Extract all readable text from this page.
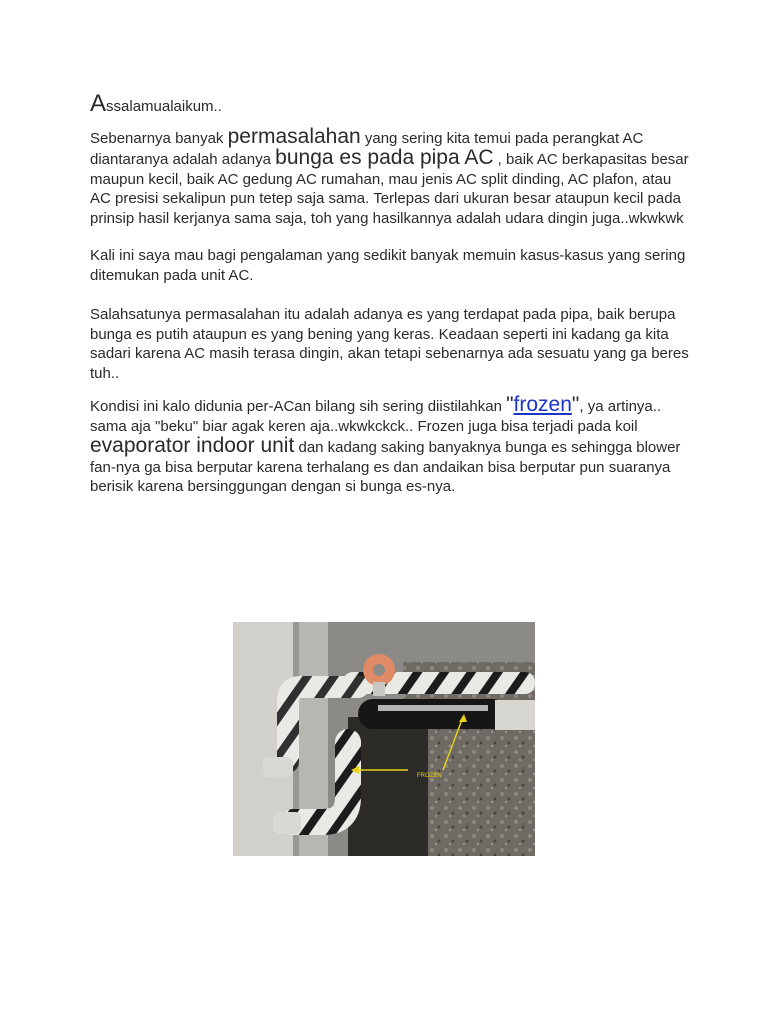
Assalamualaikum..

Sebenarnya banyak permasalahan yang sering kita temui pada perangkat AC diantaranya adalah adanya bunga es pada pipa AC , baik AC berkapasitas besar maupun kecil, baik AC gedung AC rumahan, mau jenis AC split dinding, AC plafon, atau AC presisi sekalipun pun tetep saja sama. Terlepas dari ukuran besar ataupun kecil pada prinsip hasil kerjanya sama saja, toh yang hasilkannya adalah udara dingin juga..wkwkwk

Kali ini saya mau bagi pengalaman yang sedikit banyak memuin kasus-kasus yang sering ditemukan pada unit AC.

Salahsatunya permasalahan itu adalah adanya es yang terdapat pada pipa, baik berupa bunga es putih ataupun es yang bening yang keras. Keadaan seperti ini kadang ga kita sadari karena AC masih terasa dingin, akan tetapi sebenarnya ada sesuatu yang ga beres tuh..

Kondisi ini kalo didunia per-ACan bilang sih sering diistilahkan "frozen", ya artinya.. sama aja "beku" biar agak keren aja..wkwkckck.. Frozen juga bisa terjadi pada koil evaporator indoor unit dan kadang saking banyaknya bunga es sehingga blower fan-nya ga bisa berputar karena terhalang es dan andaikan bisa berputar pun suaranya berisik karena bersinggungan dengan si bunga es-nya.

FROZEN
